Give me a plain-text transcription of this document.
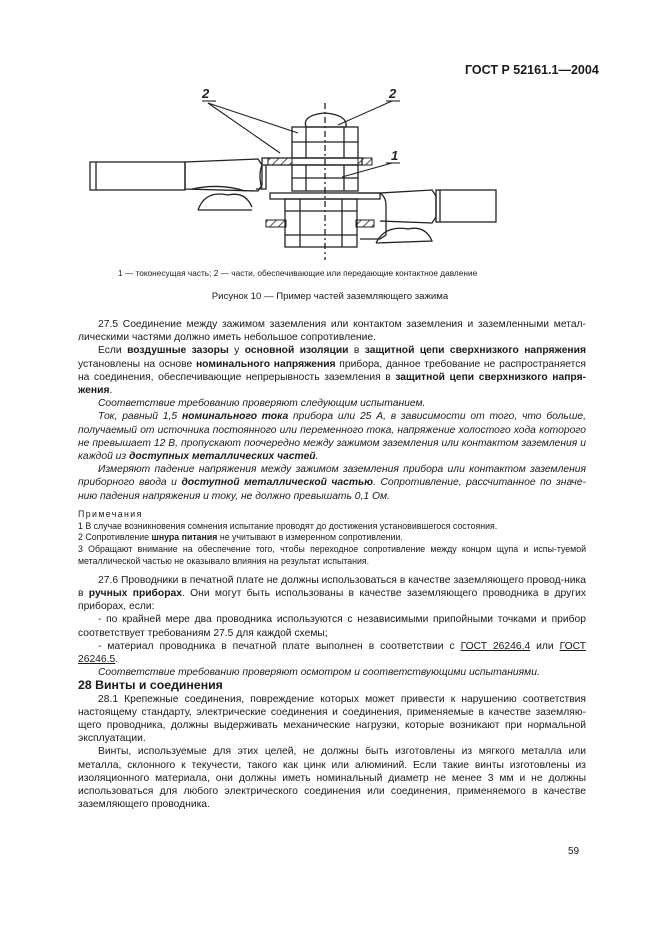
ГОСТ Р 52161.1—2004
2	2
1
1 — токонесущая часть; 2 — части, обеспечивающие или передающие контактное давление
Рисунок 10 — Пример частей заземляющего зажима

27.5 Соединение между зажимом заземления или контактом заземления и заземленными метал-лическими частями должно иметь небольшое сопротивление.

Если воздушные зазоры у основной изоляции в защитной цепи сверхнизкого напряжения установлены на основе номинального напряжения прибора, данное требование не распространяется на соединения, обеспечивающие непрерывность заземления в защитной цепи сверхнизкого напря-жения.

Соответствие требованию проверяют следующим испытанием.

Ток, равный 1,5 номинального тока прибора или 25 А, в зависимости от того, что больше, получаемый от источника постоянного или переменного тока, напряжение холостого хода которого не превышает 12 В, пропускают поочередно между зажимом заземления или контактом заземления и каждой из доступных металлических частей.

Измеряют падение напряжения между зажимом заземления прибора или контактом заземления приборного ввода и доступной металлической частью. Сопротивление, рассчитанное по значе-нию падения напряжения и току, не должно превышать 0,1 Ом.

Примечания

1 В случае возникновения сомнения испытание проводят до достижения установившегося состояния.

2 Сопротивление шнура питания не учитывают в измеренном сопротивлении.

3 Обращают внимание на обеспечение того, чтобы переходное сопротивление между концом щупа и испы-туемой металлической частью не оказывало влияния на результат испытания.

27.6 Проводники в печатной плате не должны использоваться в качестве заземляющего провод-ника в ручных приборах. Они могут быть использованы в качестве заземляющего проводника в других приборах, если:

- по крайней мере два проводника используются с независимыми припойными точками и прибор соответствует требованиям 27.5 для каждой схемы;

- материал проводника в печатной плате выполнен в соответствии с ГОСТ 26246.4 или ГОСТ 26246.5.

Соответствие требованию проверяют осмотром и соответствующими испытаниями.

28 Винты и соединения

28.1 Крепежные соединения, повреждение которых может привести к нарушению соответствия настоящему стандарту, электрические соединения и соединения, применяемые в качестве заземляю-щего проводника, должны выдерживать механические нагрузки, которые возникают при нормальной эксплуатации.

Винты, используемые для этих целей, не должны быть изготовлены из мягкого металла или металла, склонного к текучести, такого как цинк или алюминий. Если такие винты изготовлены из изоляционного материала, они должны иметь номинальный диаметр не менее 3 мм и не должны использоваться для любого электрического соединения или соединения, применяемого в качестве заземляющего проводника.

59
